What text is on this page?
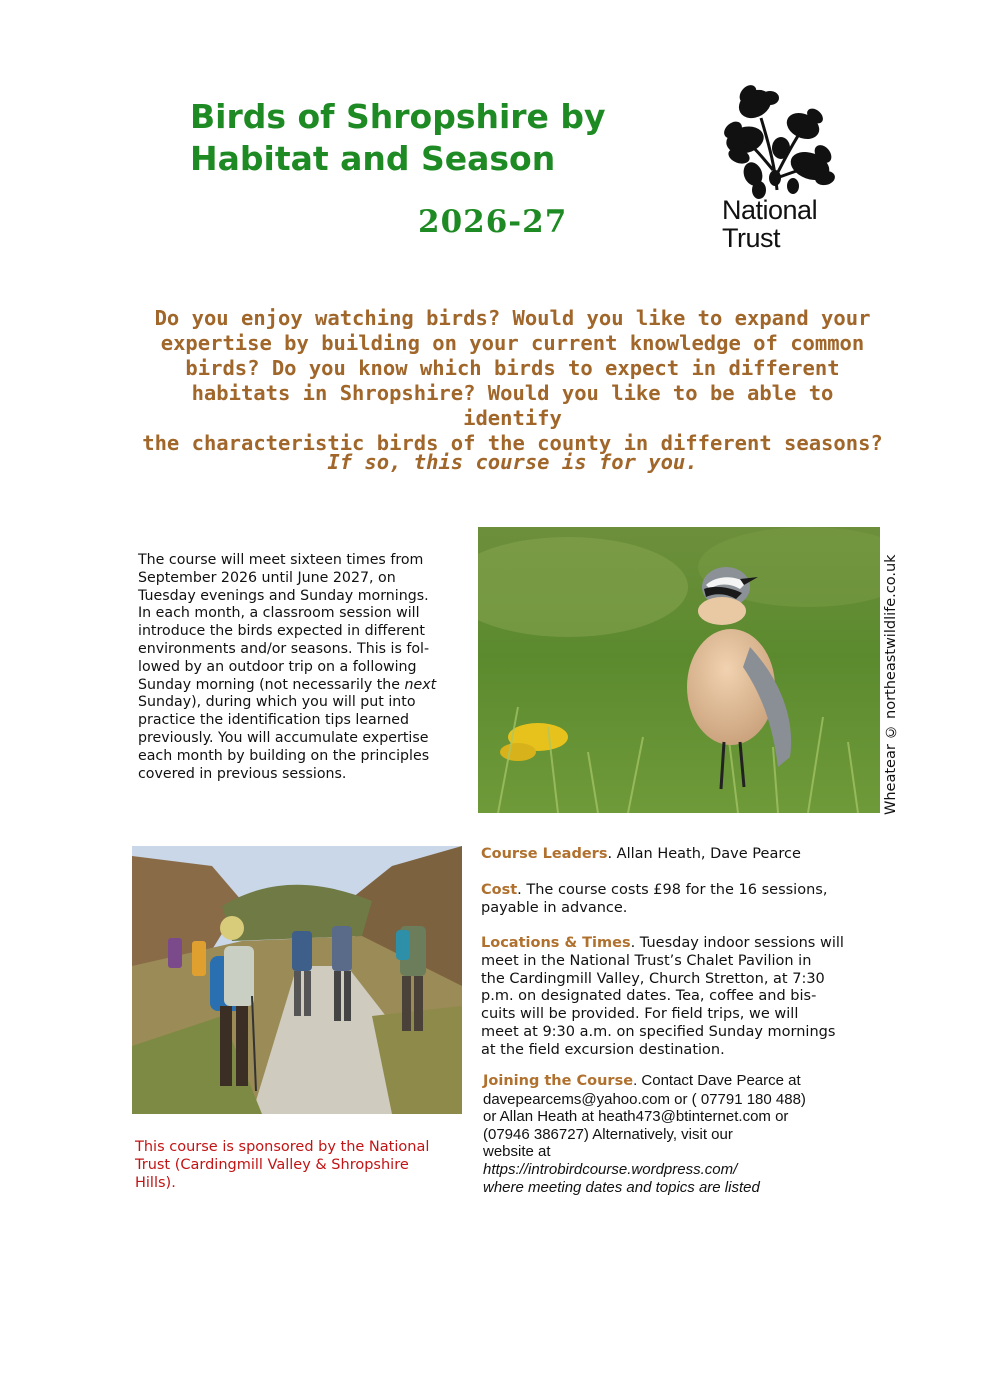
Birds of Shropshire by
Habitat and Season
2026-27	National
Trust
Do you enjoy watching birds? Would you like to expand your
expertise by building on your current knowledge of common
birds? Do you know which birds to expect in different
habitats in Shropshire? Would you like to be able to identify
the characteristic birds of the county in different seasons?
If so, this course is for you.
The course will meet sixteen times from
September 2026 until June 2027, on
Tuesday evenings and Sunday mornings.
In each month, a classroom session will
introduce the birds expected in different
environments and/or seasons. This is fol-
lowed by an outdoor trip on a following
Sunday morning (not necessarily the next
Sunday), during which you will put into
practice the identification tips learned
previously. You will accumulate expertise
each month by building on the principles
covered in previous sessions.	Wheatear © northeastwildlife.co.uk
This course is sponsored by the National
Trust (Cardingmill Valley & Shropshire
Hills).
Course Leaders. Allan Heath, Dave Pearce
Cost. The course costs £98 for the 16 sessions,
payable in advance.
Locations & Times. Tuesday indoor sessions will
meet in the National Trust’s Chalet Pavilion in
the Cardingmill Valley, Church Stretton, at 7:30
p.m. on designated dates. Tea, coffee and bis-
cuits will be provided. For field trips, we will
meet at 9:30 a.m. on specified Sunday mornings
at the field excursion destination.
Joining the Course. Contact Dave Pearce at
davepearcems@yahoo.com or ( 07791 180 488)
or Allan Heath at heath473@btinternet.com or
(07946 386727) Alternatively, visit our
website at
https://introbirdcourse.wordpress.com/
where meeting dates and topics are listed
